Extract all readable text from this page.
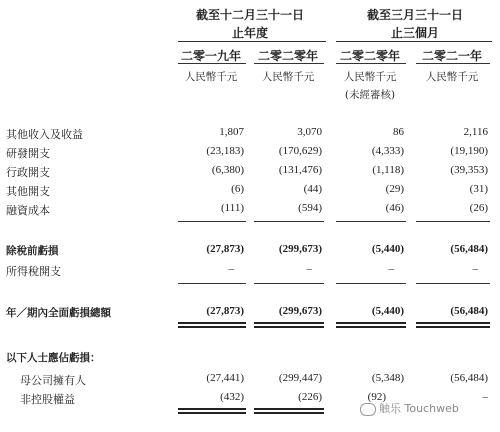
截至十二月三十一日
止年度
截至三月三十一日
止三個月
二零一九年	二零二零年	二零二零年	二零二一年
人民幣千元	人民幣千元	人民幣千元	人民幣千元
(未經審核)
其他收入及收益	1,807	3,070	86	2,116
研發開支	(23,183)	(170,629)	(4,333)	(19,190)
行政開支	(6,380)	(131,476)	(1,118)	(39,353)
其他開支	(6)	(44)	(29)	(31)
融資成本	(111)	(594)	(46)	(26)
除稅前虧損	(27,873)	(299,673)	(5,440)	(56,484)
所得稅開支	–	–	–	–
年／期內全面虧損總額	(27,873)	(299,673)	(5,440)	(56,484)
以下人士應佔虧損：
母公司擁有人	(27,441)	(299,447)	(5,348)	(56,484)
非控股權益	(432)	(226)	(92)	–
触乐 Touchweb
